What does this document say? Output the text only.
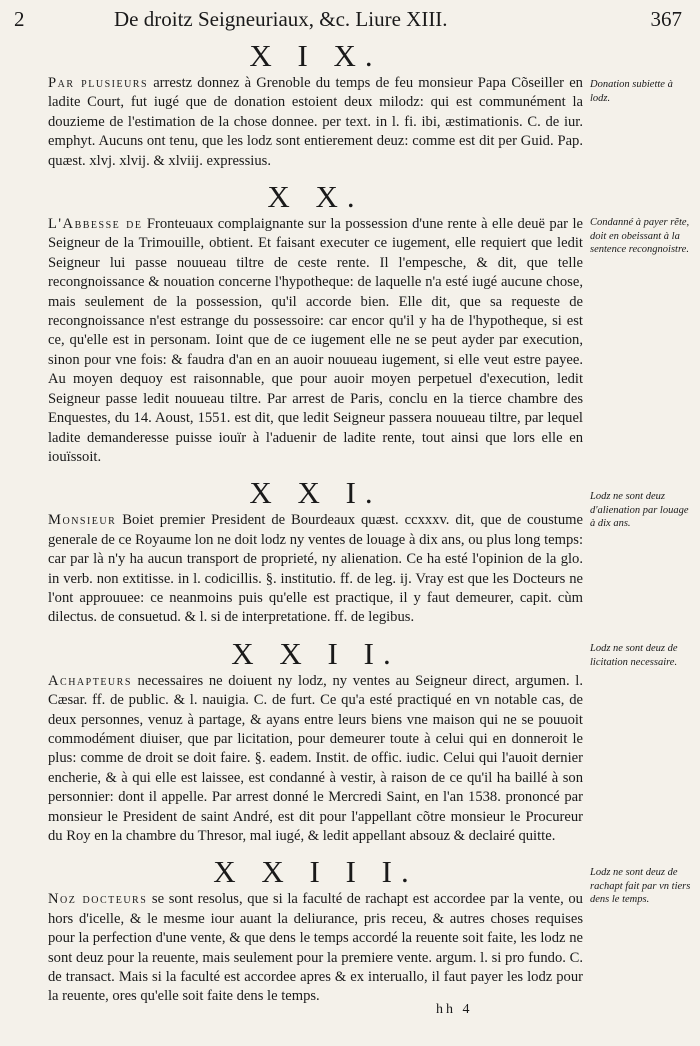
2	De droitz Seigneuriaux, &c. Liure XIII.	367
X I X.

Par plusieurs arrestz donnez à Grenoble du temps de feu monsieur Papa Cõseiller en ladite Court, fut iugé que de donation estoient deux milodz: qui est communément la douzieme de l'estimation de la chose donnee. per text. in l. fi. ibi, æstimationis. C. de iur. emphyt. Aucuns ont tenu, que les lodz sont entierement deuz: comme est dit per Guid. Pap. quæst. xlvj. xlvij. & xlviij. expressius.

X X.

L'Abbesse de Fronteuaux complaignante sur la possession d'une rente à elle deuë par le Seigneur de la Trimouille, obtient. Et faisant executer ce iugement, elle requiert que ledit Seigneur lui passe nouueau tiltre de ceste rente. Il l'empesche, & dit, que telle recongnoissance & nouation concerne l'hypotheque: de laquelle n'a esté iugé aucune chose, mais seulement de la possession, qu'il accorde bien. Elle dit, que sa requeste de recongnoissance n'est estrange du possessoire: car encor qu'il y ha de l'hypotheque, si est ce, qu'elle est in personam. Ioint que de ce iugement elle ne se peut ayder par execution, sinon pour vne fois: & faudra d'an en an auoir nouueau iugement, si elle veut estre payee. Au moyen dequoy est raisonnable, que pour auoir moyen perpetuel d'execution, ledit Seigneur passe ledit nouueau tiltre. Par arrest de Paris, conclu en la tierce chambre des Enquestes, du 14. Aoust, 1551. est dit, que ledit Seigneur passera nouueau tiltre, par lequel ladite demanderesse puisse iouïr à l'aduenir de ladite rente, tout ainsi que lors elle en iouïssoit.

X X I.

Monsieur Boiet premier President de Bourdeaux quæst. ccxxxv. dit, que de coustume generale de ce Royaume lon ne doit lodz ny ventes de louage à dix ans, ou plus long temps: car par là n'y ha aucun transport de proprieté, ny alienation. Ce ha esté l'opinion de la glo. in verb. non extitisse. in l. codicillis. §. institutio. ff. de leg. ij. Vray est que les Docteurs ne l'ont approuuee: ce neanmoins puis qu'elle est practique, il y faut demeurer, capit. cùm dilectus. de consuetud. & l. si de interpretatione. ff. de legibus.

X X I I.

Achapteurs necessaires ne doiuent ny lodz, ny ventes au Seigneur direct, argumen. l. Cæsar. ff. de public. & l. nauigia. C. de furt. Ce qu'a esté practiqué en vn notable cas, de deux personnes, venuz à partage, & ayans entre leurs biens vne maison qui ne se pouuoit commodément diuiser, que par licitation, pour demeurer toute à celui qui en donneroit le plus: comme de droit se doit faire. §. eadem. Instit. de offic. iudic. Celui qui l'auoit dernier encherie, & à qui elle est laissee, est condanné à vestir, à raison de ce qu'il ha baillé à son personnier: dont il appelle. Par arrest donné le Mercredi Saint, en l'an 1538. prononcé par monsieur le President de saint André, est dit pour l'appellant cõtre monsieur le Procureur du Roy en la chambre du Thresor, mal iugé, & ledit appellant absouz & declairé quitte.

X X I I I.

Noz docteurs se sont resolus, que si la faculté de rachapt est accordee par la vente, ou hors d'icelle, & le mesme iour auant la deliurance, pris receu, & autres choses requises pour la perfection d'une vente, & que dens le temps accordé la reuente soit faite, les lodz ne sont deuz pour la reuente, mais seulement pour la premiere vente. argum. l. si pro fundo. C. de transact. Mais si la faculté est accordee apres & ex interuallo, il faut payer les lodz pour la reuente, ores qu'elle soit faite dens le temps.

Donation subiette à lodz.
Condanné à payer rẽte, doit en obeissant à la sentence recongnoistre.
Lodz ne sont deuz d'alienation par louage à dix ans.
Lodz ne sont deuz de licitation necessaire.
Lodz ne sont deuz de rachapt fait par vn tiers dens le temps.
hh 4
